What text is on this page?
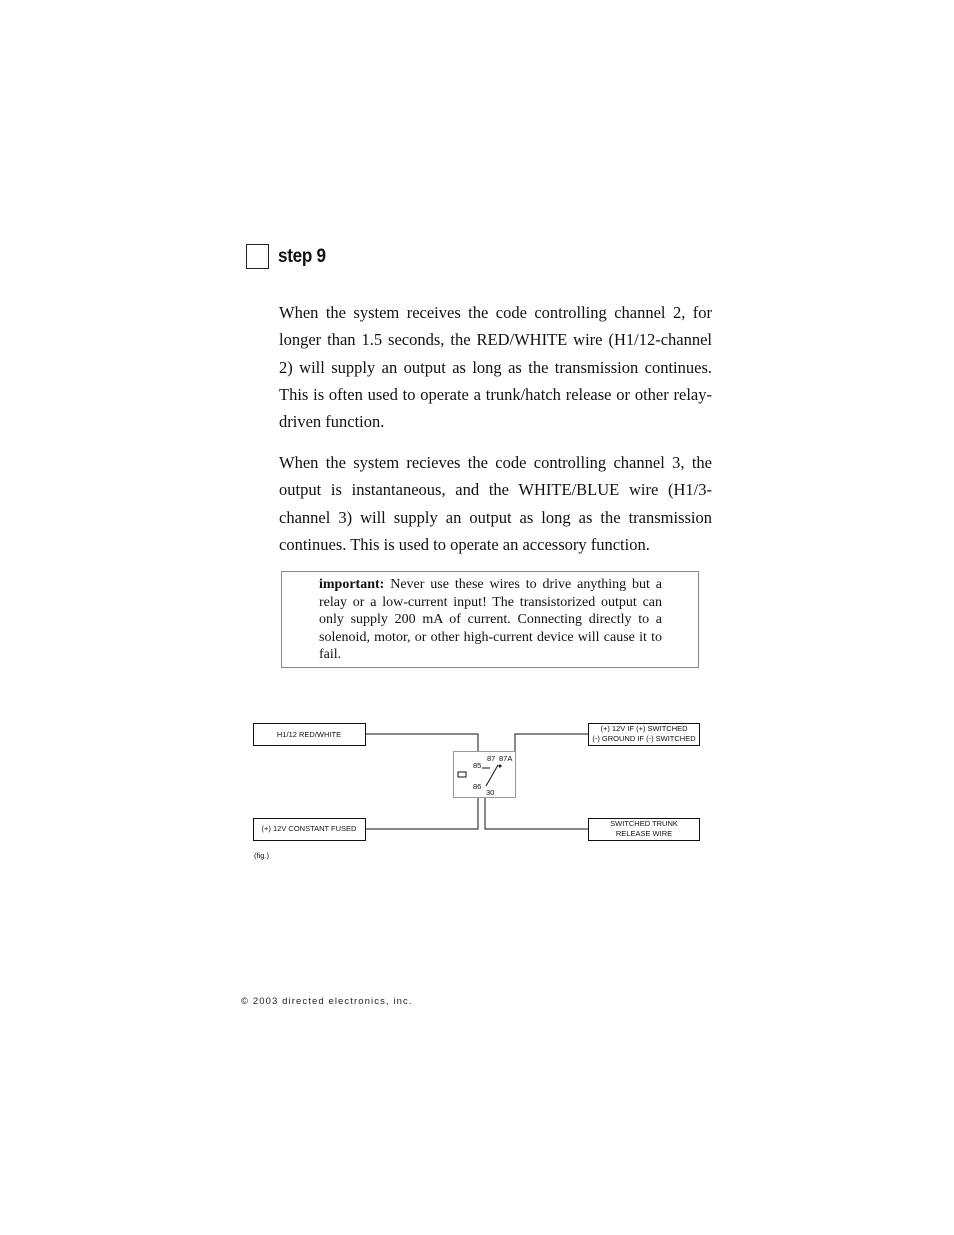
step 9

When the system receives the code controlling channel 2, for longer than 1.5 seconds, the RED/WHITE wire (H1/12-channel 2) will supply an output as long as the transmission continues. This is often used to operate a trunk/hatch release or other relay-driven function.

When the system recieves the code controlling channel 3, the output is instantaneous, and the WHITE/BLUE wire (H1/3-channel 3) will supply an output as long as the transmission continues. This is used to operate an accessory function.

important: Never use these wires to drive anything but a relay or a low-current input! The transistorized output can only supply 200 mA of current. Connecting directly to a solenoid, motor, or other high-current device will cause it to fail.

H1/12 RED/WHITE
(+) 12V IF (+) SWITCHED
(-) GROUND IF (-) SWITCHED
(+) 12V CONSTANT FUSED
SWITCHED TRUNK
RELEASE WIRE
85
87 87A
86
30
(fig.)
© 2003 directed electronics, inc.
